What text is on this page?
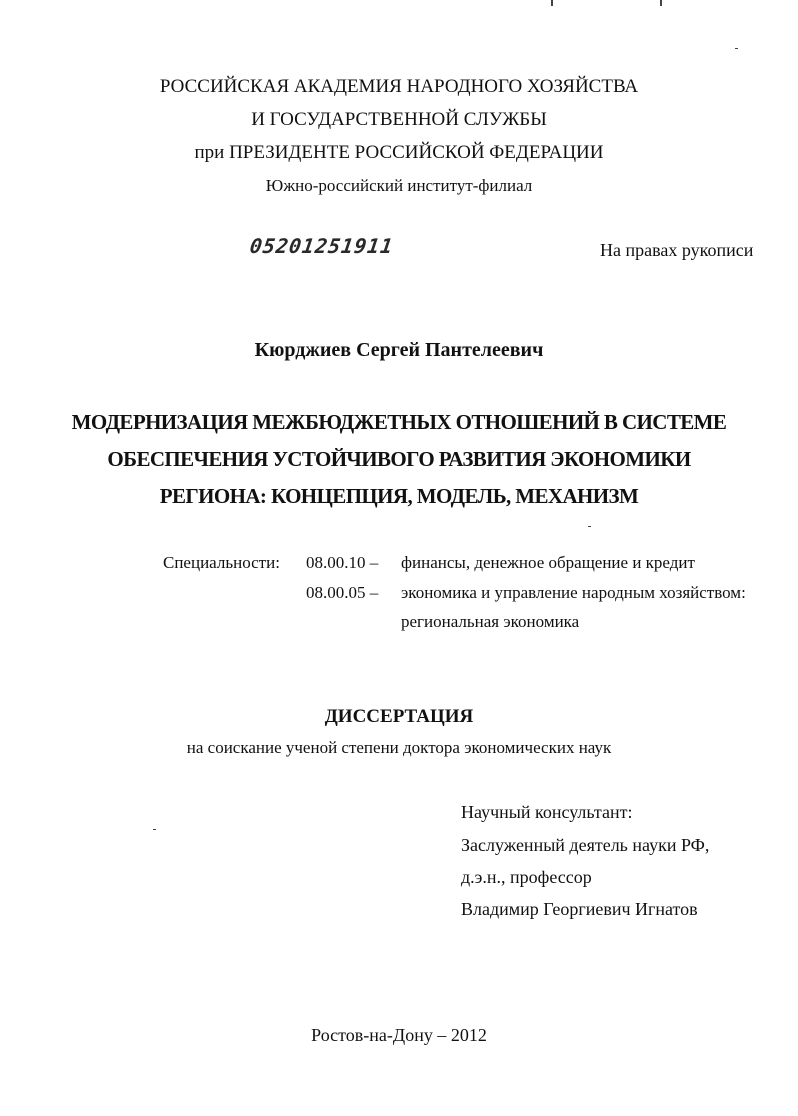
РОССИЙСКАЯ АКАДЕМИЯ НАРОДНОГО ХОЗЯЙСТВА
И ГОСУДАРСТВЕННОЙ СЛУЖБЫ
при ПРЕЗИДЕНТЕ РОССИЙСКОЙ ФЕДЕРАЦИИ
Южно-российский институт-филиал
05201251911	На правах рукописи
Кюрджиев Сергей Пантелеевич
МОДЕРНИЗАЦИЯ МЕЖБЮДЖЕТНЫХ ОТНОШЕНИЙ В СИСТЕМЕ
ОБЕСПЕЧЕНИЯ УСТОЙЧИВОГО РАЗВИТИЯ ЭКОНОМИКИ
РЕГИОНА: КОНЦЕПЦИЯ, МОДЕЛЬ, МЕХАНИЗМ
Специальности: 08.00.10 – финансы, денежное обращение и кредит
08.00.05 – экономика и управление народным хозяйством:
региональная экономика
ДИССЕРТАЦИЯ
на соискание ученой степени доктора экономических наук
Научный консультант:
Заслуженный деятель науки РФ,
д.э.н., профессор
Владимир Георгиевич Игнатов
Ростов-на-Дону – 2012
